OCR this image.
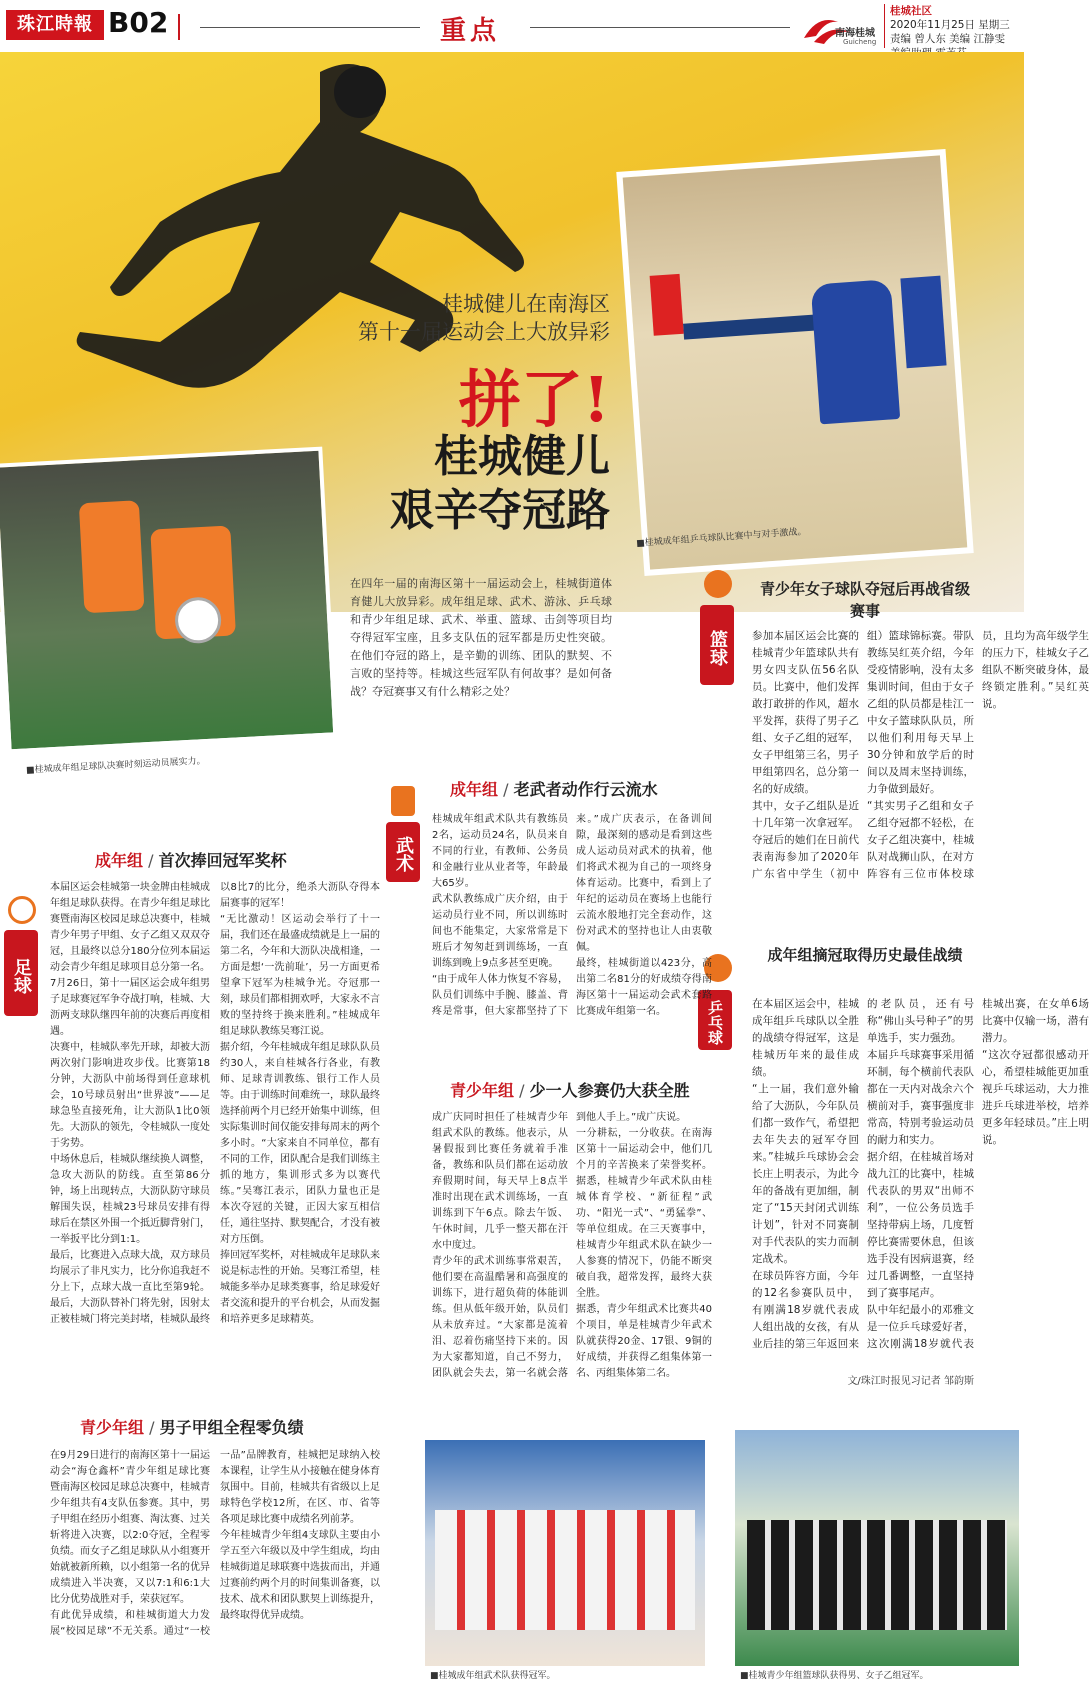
珠江時報 B02	重点	南海桂城
Guicheng
桂城社区
2020年11月25日 星期三
责编 曾人东 美编 江静雯
■桂城成年组乒乓球队比赛中与对手激战。
■桂城成年组足球队决赛时刻运动员展实力。
桂城健儿在南海区
第十一届运动会上大放异彩
拼了!
桂城健儿
艰辛夺冠路
在四年一届的南海区第十一届运动会上，桂城街道体育健儿大放异彩。成年组足球、武术、游泳、乒乓球和青少年组足球、武术、举重、篮球、击剑等项目均夺得冠军宝座，且多支队伍的冠军都是历史性突破。在他们夺冠的路上，是辛勤的训练、团队的默契、不言败的坚持等。桂城这些冠军队有何故事？是如何备战？夺冠赛事又有什么精彩之处？
篮球
青少年女子球队夺冠后再战省级赛事
参加本届区运会比赛的桂城青少年篮球队共有男女四支队伍56名队员。比赛中，他们发挥敢打敢拼的作风，超水平发挥，获得了男子乙组、女子乙组的冠军，女子甲组第三名，男子甲组第四名，总分第一名的好成绩。
其中，女子乙组队是近十几年第一次拿冠军。夺冠后的她们在日前代表南海参加了2020年广东省中学生（初中组）篮球锦标赛。带队教练吴红英介绍，今年受疫情影响，没有太多集训时间，但由于女子乙组的队员都是桂江一中女子篮球队队员，所以他们利用每天早上30分钟和放学后的时间以及周末坚持训练，力争做到最好。
“其实男子乙组和女子乙组夺冠都不轻松，在女子乙组决赛中，桂城队对战狮山队，在对方阵容有三位市体校球员，且均为高年级学生的压力下，桂城女子乙组队不断突破身体，最终锁定胜利。”吴红英说。
乒乓球
成年组摘冠取得历史最佳战绩
在本届区运会中，桂城成年组乒乓球队以全胜的战绩夺得冠军，这是桂城历年来的最佳成绩。
“上一届，我们意外输给了大沥队，今年队员们都一致作气，希望把去年失去的冠军夺回来。”桂城乒乓球协会会长庄上明表示，为此今年的备战有更加细，制定了“15天封闭式训练计划”，针对不同赛制对手代表队的实力而制定战术。
在球员阵容方面，今年的12名参赛队员中，有刚满18岁就代表成人组出战的女孩，有从业后挂的第三年返回来的老队员，还有号称“佛山头号种子”的男单选手，实力强劲。
本届乒乓球赛事采用循环制，每个横前代表队都在一天内对战余六个横前对手，赛事强度非常高，特别考验运动员的耐力和实力。
据介绍，在桂城首场对战九江的比赛中，桂城代表队的男双“出师不利”，一位公务员选手坚持带病上场，几度暂停比赛需要休息，但该选手没有因病退赛，经过几番调整，一直坚持到了赛事尾声。
队中年纪最小的邓雅文是一位乒乓球爱好者，这次刚满18岁就代表桂城出赛，在女单6场比赛中仅输一场，潜有潜力。
“这次夺冠都很感动开心，希望桂城能更加重视乒乓球运动，大力推进乒乓球进举校，培养更多年轻球员。”庄上明说。
文/珠江时报见习记者 邹韵斯
成年组 / 首次捧回冠军奖杯
足球
本届区运会桂城第一块金牌由桂城成年组足球队获得。在青少年组足球比赛暨南海区校园足球总决赛中，桂城青少年男子甲组、女子乙组又双双夺冠，且最终以总分180分位列本届运动会青少年组足球项目总分第一名。
7月26日，第十一届区运会成年组男子足球赛冠军争夺战打响，桂城、大沥两支球队继四年前的决赛后再度相遇。
决赛中，桂城队率先开球，却被大沥两次射门影响进攻步伐。比赛第18分钟，大沥队中前场得到任意球机会，10号球员射出“世界波”——足球急坠直接死角，让大沥队1比0领先。大沥队的领先，令桂城队一度处于劣势。
中场休息后，桂城队继续换人调整，急攻大沥队的防线。直至第86分钟，场上出现转点，大沥队防守球员解围失误，桂城23号球员安排有得球后在禁区外围一个抵近脚背射门，一举扳平比分到1:1。
最后，比赛进入点球大战，双方球员均展示了非凡实力，比分你追我赶不分上下，点球大战一直比至第9轮。最后，大沥队替补门将先射，因射太正被桂城门将完美封堵，桂城队最终以8比7的比分，绝杀大沥队夺得本届赛事的冠军！
“无比激动！区运动会举行了十一届，我们还在最盛成绩就是上一届的第二名，今年和大沥队决战相逢，一方面是想‘一洗前耻’，另一方面更希望拿下冠军为桂城争光。夺冠那一刻，球员们都相拥欢呼，大家永不言败的坚持终于换来胜利。”桂城成年组足球队教练吴骞江说。
据介绍，今年桂城成年组足球队队员约30人，来自桂城各行各业，有教师、足球青训教练、银行工作人员等。由于训练时间难统一，球队最终选择前两个月已经开始集中训练，但实际集训时间仅能安排每周末的两个多小时。“大家来自不同单位，都有不同的工作，团队配合是我们训练主抓的地方，集训形式多为以赛代练。”吴骞江表示，团队力量也正是本次夺冠的关键，正因大家互相信任，通往坚持、默契配合，才没有被对方压倒。
捧回冠军奖杯，对桂城成年足球队来说是标志性的开始。吴骞江希望，桂城能多举办足球类赛事，给足球爱好者交流和提升的平台机会，从而发掘和培养更多足球精英。
青少年组 / 男子甲组全程零负绩
在9月29日进行的南海区第十一届运动会“海仓鑫杯”青少年组足球比赛暨南海区校园足球总决赛中，桂城青少年组共有4支队伍参赛。其中，男子甲组在经历小组赛、淘汰赛、过关斩将进入决赛，以2:0夺冠，全程零负绩。而女子乙组足球队从小组赛开始就被新所赖，以小组第一名的优异成绩进入半决赛，又以7:1和6:1大比分优势战胜对手，荣获冠军。
有此优异成绩，和桂城街道大力发展“校园足球”不无关系。通过“一校一品”品牌教育，桂城把足球纳入校本课程，让学生从小接触在健身体育氛围中。目前，桂城共有省级以上足球特色学校12所，在区、市、省等各项足球比赛中成绩名列前茅。
今年桂城青少年组4支球队主要由小学五至六年级以及中学生组成，均由桂城街道足球联赛中选拔而出，并通过赛前约两个月的时间集训备赛，以技术、战术和团队默契上训练提升，最终取得优异成绩。
武术
成年组 / 老武者动作行云流水
桂城成年组武术队共有教练员2名，运动员24名，队员来自不同的行业，有教师、公务员和金融行业从业者等，年龄最大65岁。
武术队教练成广庆介绍，由于运动员行业不同，所以训练时间也不能集定，大家常常是下班后才匆匆赶到训练场，一直训练到晚上9点多甚至更晚。
“由于成年人体力恢复不容易，队员们训练中手腕、膝盖、背疼是常事，但大家都坚持了下来。”成广庆表示，在备训间隙，最深刻的感动是看到这些成人运动员对武术的执着，他们将武术视为自己的一项终身体育运动。比赛中，看到上了年纪的运动员在赛场上也能行云流水般地打完全套动作，这份对武术的坚持也让人由衷敬佩。
最终，桂城街道以423分，高出第二名81分的好成绩夺得南海区第十一届运动会武术套路比赛成年组第一名。
青少年组 / 少一人参赛仍大获全胜
成广庆同时担任了桂城青少年组武术队的教练。他表示，从暑假报到比赛任务就着手准备，教练和队员们都在运动放弃假期时间，每天早上8点半准时出现在武术训练场，一直训练到下午6点。除去午饭、午休时间，几乎一整天都在汗水中度过。
青少年的武术训练事常艰苦，他们要在高温酷暑和高强度的训练下，进行超负荷的体能训练。但从低年级开始，队员们从未放弃过。“大家都是流着泪、忍着伤痛坚持下来的。因为大家都知道，自己不努力，团队就会失去，第一名就会落到他人手上。”成广庆说。
一分耕耘，一分收获。在南海区第十一届运动会中，他们几个月的辛苦换来了荣誉奖杯。据悉，桂城青少年武术队由桂城体育学校、“新征程”武功、“阳光一式”、“勇猛拳”、等单位组成。在三天赛事中，桂城青少年组武术队在缺少一人参赛的情况下，仍能不断突破自我，超常发挥，最终大获全胜。
据悉，青少年组武术比赛共40个项目，单是桂城青少年武术队就获得20金、17银、9铜的好成绩，并获得乙组集体第一名、丙组集体第二名。
■桂城成年组武术队获得冠军。	■桂城青少年组篮球队获得男、女子乙组冠军。
